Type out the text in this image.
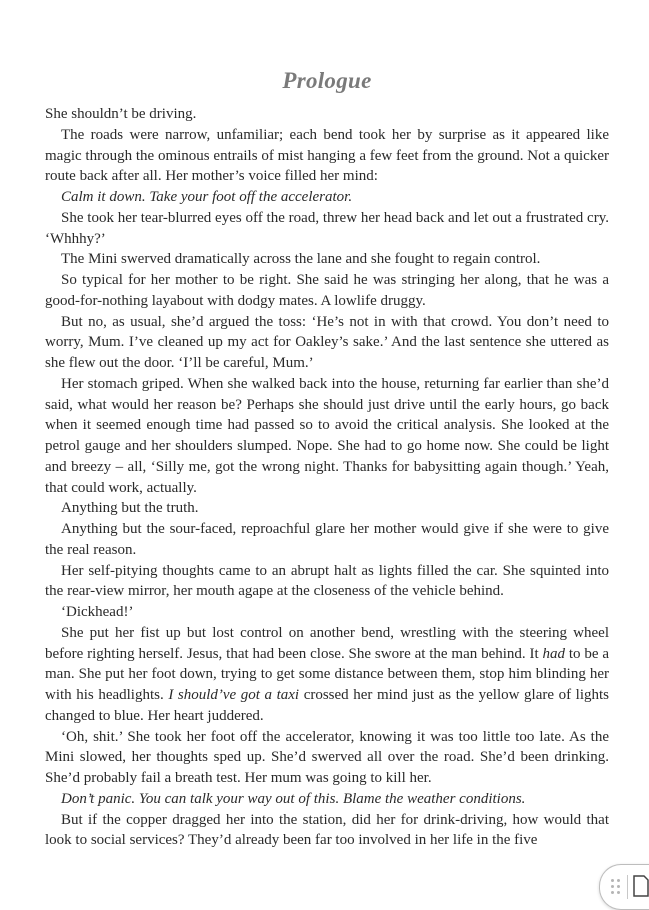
Prologue

She shouldn’t be driving.

The roads were narrow, unfamiliar; each bend took her by surprise as it appeared like magic through the ominous entrails of mist hanging a few feet from the ground. Not a quicker route back after all. Her mother’s voice filled her mind:

Calm it down. Take your foot off the accelerator.

She took her tear-blurred eyes off the road, threw her head back and let out a frustrated cry. ‘Whhhy?’

The Mini swerved dramatically across the lane and she fought to regain control.

So typical for her mother to be right. She said he was stringing her along, that he was a good-for-nothing layabout with dodgy mates. A lowlife druggy.

But no, as usual, she’d argued the toss: ‘He’s not in with that crowd. You don’t need to worry, Mum. I’ve cleaned up my act for Oakley’s sake.’ And the last sentence she uttered as she flew out the door. ‘I’ll be careful, Mum.’

Her stomach griped. When she walked back into the house, returning far earlier than she’d said, what would her reason be? Perhaps she should just drive until the early hours, go back when it seemed enough time had passed so to avoid the critical analysis. She looked at the petrol gauge and her shoulders slumped. Nope. She had to go home now. She could be light and breezy – all, ‘Silly me, got the wrong night. Thanks for babysitting again though.’ Yeah, that could work, actually.

Anything but the truth.

Anything but the sour-faced, reproachful glare her mother would give if she were to give the real reason.

Her self-pitying thoughts came to an abrupt halt as lights filled the car. She squinted into the rear-view mirror, her mouth agape at the closeness of the vehicle behind.

‘Dickhead!’

She put her fist up but lost control on another bend, wrestling with the steering wheel before righting herself. Jesus, that had been close. She swore at the man behind. It had to be a man. She put her foot down, trying to get some distance between them, stop him blinding her with his headlights. I should’ve got a taxi crossed her mind just as the yellow glare of lights changed to blue. Her heart juddered.

‘Oh, shit.’ She took her foot off the accelerator, knowing it was too little too late. As the Mini slowed, her thoughts sped up. She’d swerved all over the road. She’d been drinking. She’d probably fail a breath test. Her mum was going to kill her.

Don’t panic. You can talk your way out of this. Blame the weather conditions.

But if the copper dragged her into the station, did her for drink-driving, how would that look to social services? They’d already been far too involved in her life in the five
